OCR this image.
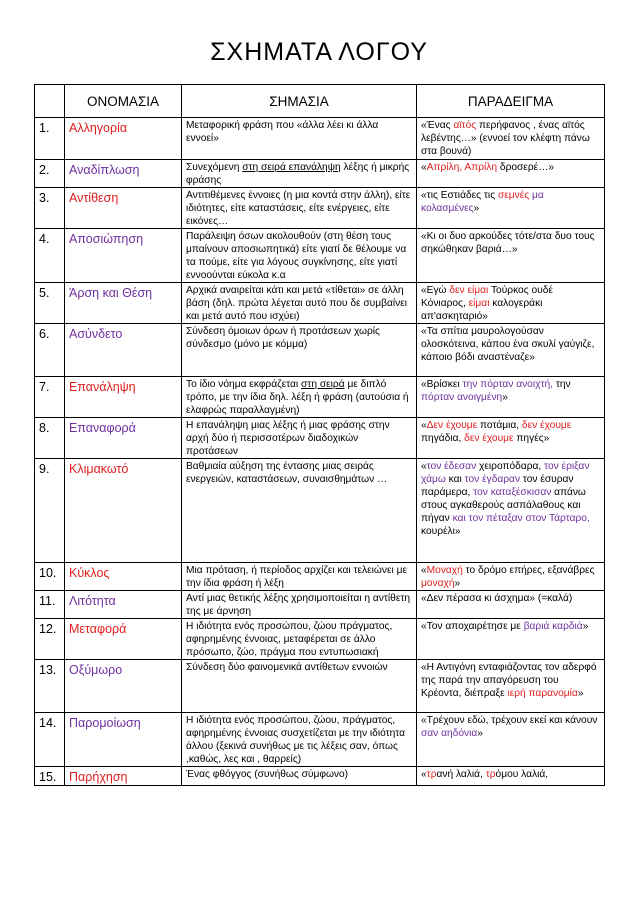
ΣΧΗΜΑΤΑ ΛΟΓΟΥ
	ΟΝΟΜΑΣΙΑ	ΣΗΜΑΣΙΑ	ΠΑΡΑΔΕΙΓΜΑ
1.	Αλληγορία	Μεταφορική φράση που «άλλα λέει κι άλλα εννοεί»	«Ένας αϊτός περήφανος , ένας αϊτός λεβέντης…» (εννοεί τον κλέφτη πάνω στα βουνά)
2.	Αναδίπλωση	Συνεχόμενη στη σειρά επανάληψη λέξης ή μικρής φράσης	«Απρίλη, Απρίλη δροσερέ…»
3.	Αντίθεση	Αντιτιθέμενες έννοιες (η μια κοντά στην άλλη), είτε ιδιότητες, είτε καταστάσεις, είτε ενέργειες, είτε εικόνες…	«τις Εστιάδες τις σεμνές μα κολασμένες»
4.	Αποσιώπηση	Παράλειψη όσων ακολουθούν (στη θέση τους μπαίνουν αποσιωπητικά) είτε γιατί δε θέλουμε να τα πούμε, είτε για λόγους συγκίνησης, είτε γιατί εννοούνται εύκολα κ.α	«Κι οι δυο αρκούδες τότε/στα δυο τους σηκώθηκαν βαριά…»
5.	Άρση και Θέση	Αρχικά αναιρείται κάτι και μετά «τίθεται» σε άλλη βάση (δηλ. πρώτα λέγεται αυτό που δε συμβαίνει και μετά αυτό που ισχύει)	«Εγώ δεν είμαι Τούρκος ουδέ Κόνιαρος, είμαι καλογεράκι απ'ασκηταριό»
6.	Ασύνδετο	Σύνδεση όμοιων όρων ή προτάσεων χωρίς σύνδεσμο (μόνο με κόμμα)	«Τα σπίτια μαυρολογούσαν ολοσκότεινα, κάπου ένα σκυλί γαύγιζε, κάποιο βόδι αναστέναζε»
7.	Επανάληψη	Το ίδιο νόημα εκφράζεται στη σειρά με διπλό τρόπο, με την ίδια δηλ. λέξη ή φράση (αυτούσια ή ελαφρώς παραλλαγμένη)	«Βρίσκει την πόρταν ανοιχτή, την πόρταν ανοιγμένη»
8.	Επαναφορά	Η επανάληψη μιας λέξης ή μιας φράσης στην αρχή δύο ή περισσοτέρων διαδοχικών προτάσεων	«Δεν έχουμε ποτάμια, δεν έχουμε πηγάδια, δεν έχουμε πηγές»
9.	Κλιμακωτό	Βαθμιαία αύξηση της έντασης μιας σειράς ενεργειών, καταστάσεων, συναισθημάτων …	«τον έδεσαν χειροπόδαρα, τον έριξαν χάμω και τον έγδαραν τον έσυραν παράμερα, τον καταξέσκισαν απάνω στους αγκαθερούς ασπάλαθους και πήγαν και τον πέταξαν στον Τάρταρο, κουρέλι»
10.	Κύκλος	Μια πρόταση, ή περίοδος αρχίζει και τελειώνει με την ίδια φράση ή λέξη	«Μοναχή το δρόμο επήρες, εξανάβρες μοναχή»
11.	Λιτότητα	Αντί μιας θετικής λέξης χρησιμοποιείται η αντίθετη της με άρνηση	«Δεν πέρασα κι άσχημα» (=καλά)
12.	Μεταφορά	Η ιδιότητα ενός προσώπου, ζώου πράγματος, αφηρημένης έννοιας, μεταφέρεται σε άλλο πρόσωπο, ζώο, πράγμα που εντυπωσιακή	«Τον αποχαιρέτησε με βαριά καρδιά»
13.	Οξύμωρο	Σύνδεση δύο φαινομενικά αντίθετων εννοιών	«Η Αντιγόνη ενταφιάζοντας τον αδερφό της παρά την απαγόρευση του Κρέοντα, διέπραξε ιερή παρανομία»
14.	Παρομοίωση	Η ιδιότητα ενός προσώπου, ζώου, πράγματος, αφηρημένης έννοιας συσχετίζεται με την ιδιότητα άλλου (ξεκινά συνήθως με τις λέξεις σαν, όπως ,καθώς, λες και , θαρρείς)	«Τρέχουν εδώ, τρέχουν εκεί και κάνουν σαν αηδόνια»
15.	Παρήχηση	Ένας φθόγγος (συνήθως σύμφωνο)	«τρανή λαλιά, τρόμου λαλιά,
